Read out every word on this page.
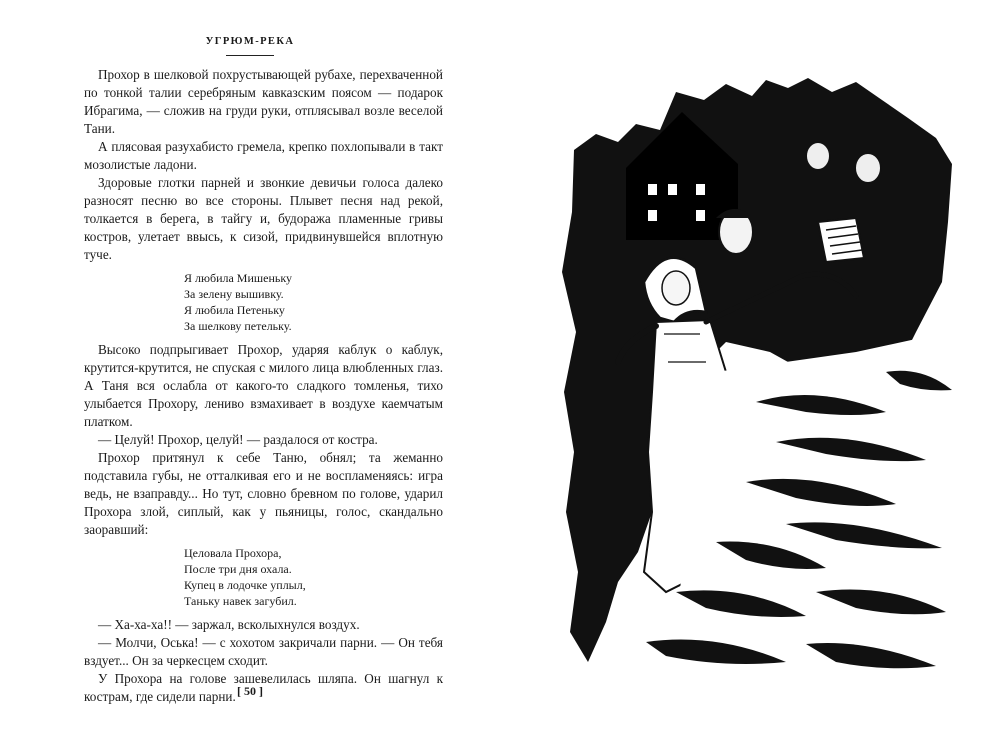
УГРЮМ-РЕКА

Прохор в шелковой похрустывающей рубахе, перехваченной по тонкой талии серебряным кавказским поясом — подарок Ибрагима, — сложив на груди руки, отплясывал возле веселой Тани.

А плясовая разухабисто гремела, крепко похлопывали в такт мозолистые ладони.

Здоровые глотки парней и звонкие девичьи голоса далеко разносят песню во все стороны. Плывет песня над рекой, толкается в берега, в тайгу и, будоража пламенные гривы костров, улетает ввысь, к сизой, придвинувшейся вплотную туче.

Я любила Мишеньку
За зелену вышивку.
Я любила Петеньку
За шелкову петельку.

Высоко подпрыгивает Прохор, ударяя каблук о каблук, крутится-крутится, не спуская с милого лица влюбленных глаз. А Таня вся ослабла от какого-то сладкого томленья, тихо улыбается Прохору, лениво взмахивает в воздухе каемчатым платком.

— Целуй! Прохор, целуй! — раздалося от костра.

Прохор притянул к себе Таню, обнял; та жеманно подставила губы, не отталкивая его и не воспламеняясь: игра ведь, не взаправду... Но тут, словно бревном по голове, ударил Прохора злой, сиплый, как у пьяницы, голос, скандально заоравший:

Целовала Прохора,
После три дня охала.
Купец в лодочке уплыл,
Таньку навек загубил.

— Ха-ха-ха!! — заржал, всколыхнулся воздух.

— Молчи, Оська! — с хохотом закричали парни. — Он тебя вздует... Он за черкесцем сходит.

У Прохора на голове зашевелилась шляпа. Он шагнул к кострам, где сидели парни. [ 50 ]
